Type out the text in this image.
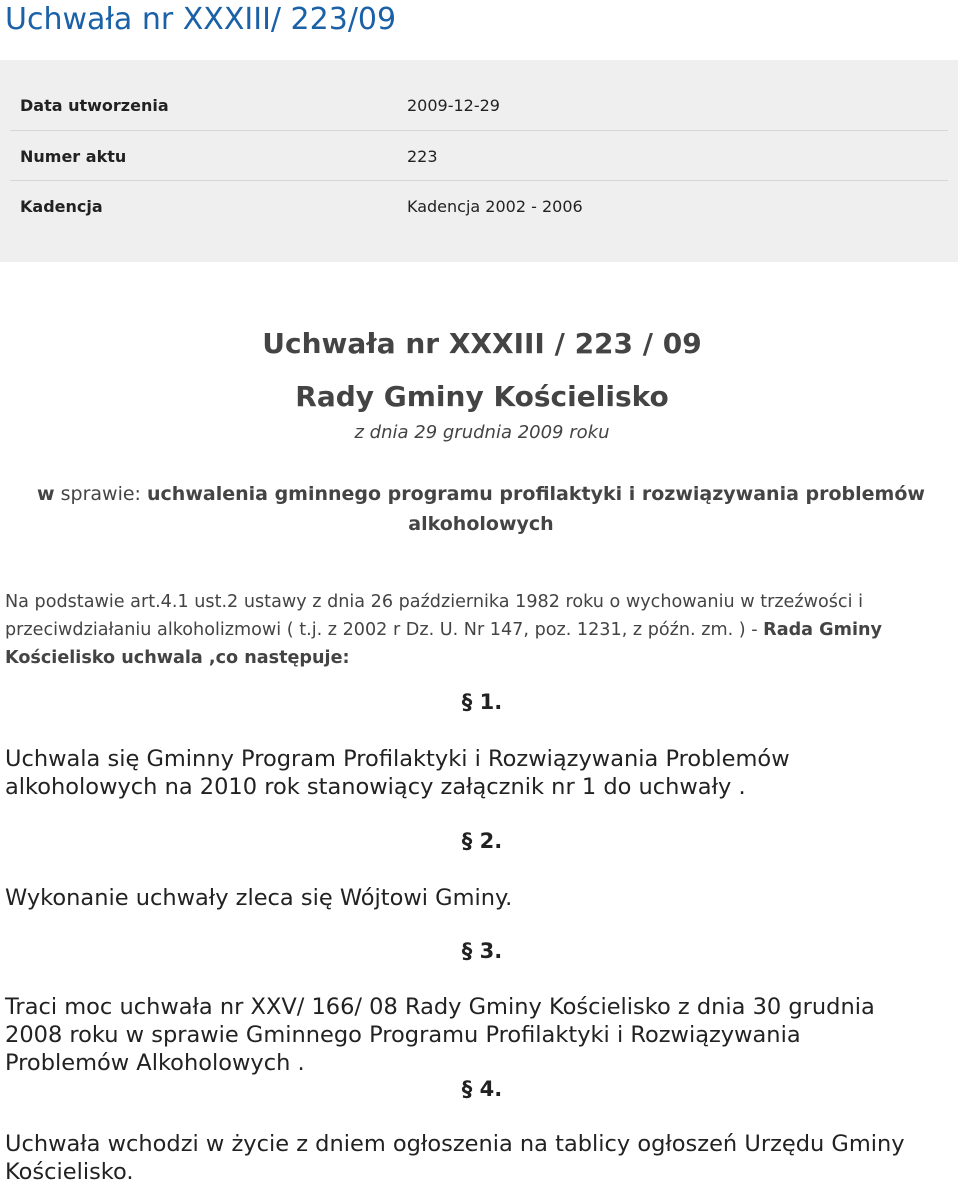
Uchwała nr XXXIII/ 223/09
Data utworzenia	2009-12-29
Numer aktu	223
Kadencja	Kadencja 2002 - 2006
Uchwała nr XXXIII / 223 / 09
Rady Gminy Kościelisko
z dnia 29 grudnia 2009 roku
w sprawie: uchwalenia gminnego programu profilaktyki i rozwiązywania problemów
alkoholowych
Na podstawie art.4.1 ust.2 ustawy z dnia 26 października 1982 roku o wychowaniu w trzeźwości i przeciwdziałaniu alkoholizmowi ( t.j. z 2002 r Dz. U. Nr 147, poz. 1231, z późn. zm. ) - Rada Gminy Kościelisko uchwala ,co następuje:
§ 1.
Uchwala się Gminny Program Profilaktyki i Rozwiązywania Problemów
alkoholowych na 2010 rok stanowiący załącznik nr 1 do uchwały .
§ 2.
Wykonanie uchwały zleca się Wójtowi Gminy.
§ 3.
Traci moc uchwała nr XXV/ 166/ 08 Rady Gminy Kościelisko z dnia 30 grudnia
2008 roku w sprawie Gminnego Programu Profilaktyki i Rozwiązywania
Problemów Alkoholowych .
§ 4.
Uchwała wchodzi w życie z dniem ogłoszenia na tablicy ogłoszeń Urzędu Gminy
Kościelisko.
